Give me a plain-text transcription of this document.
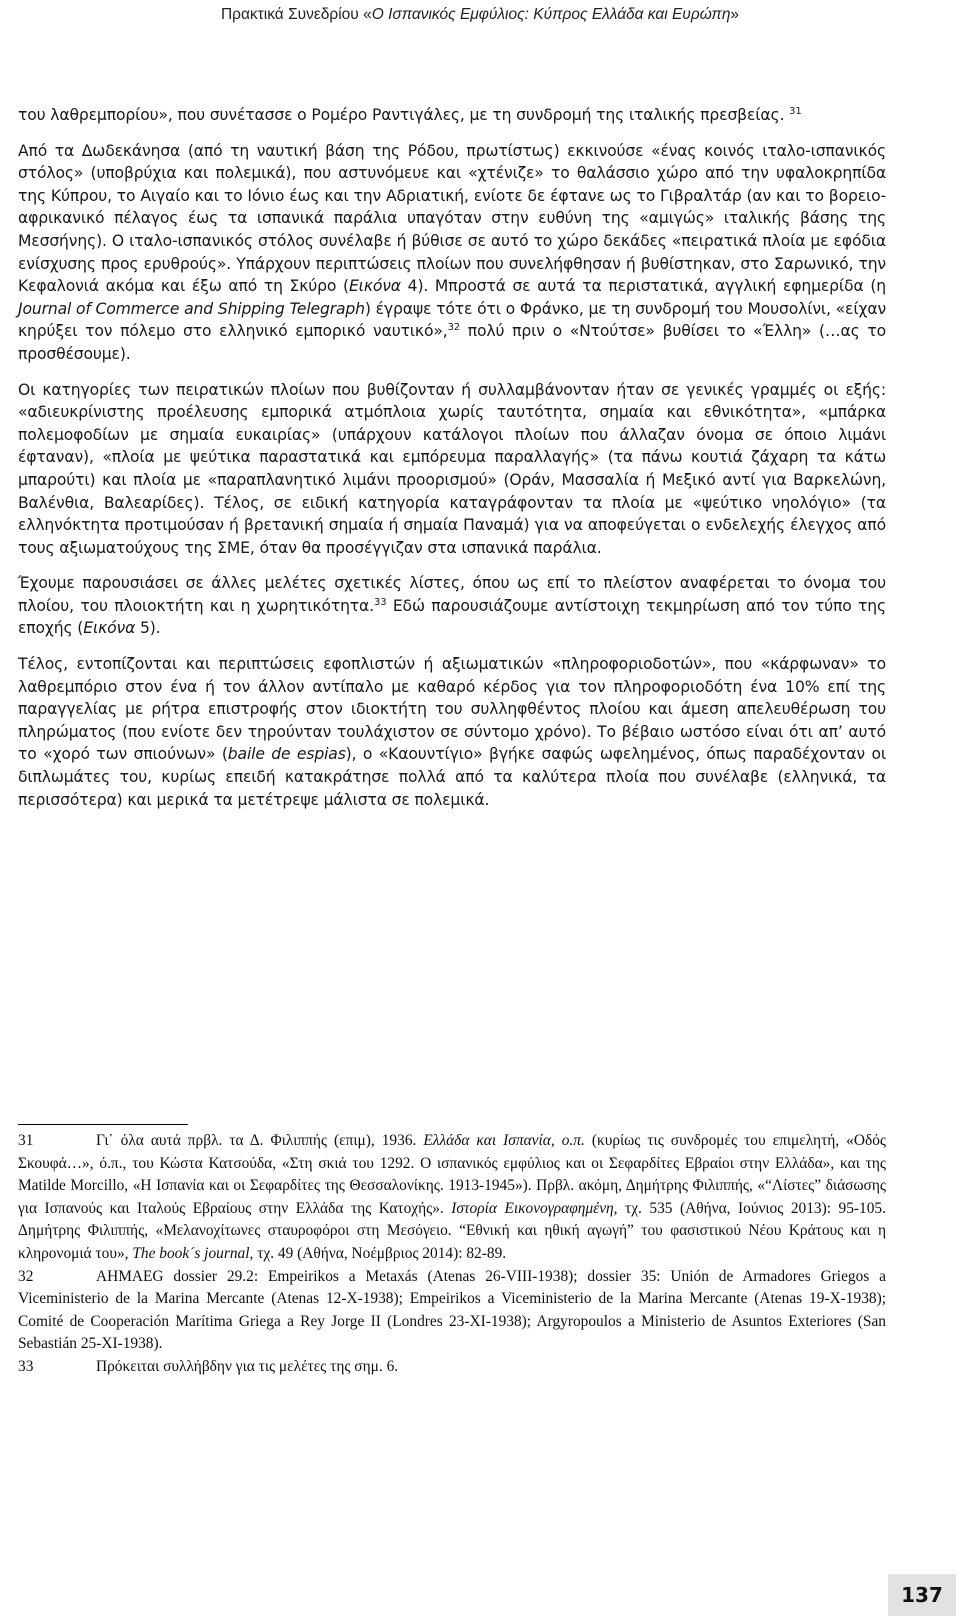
Πρακτικά Συνεδρίου «Ο Ισπανικός Εμφύλιος: Κύπρος Ελλάδα και Ευρώπη»

του λαθρεμπορίου», που συνέτασσε ο Ρομέρο Ραντιγάλες, με τη συνδρομή της ιταλικής πρεσβείας. $^{31}$

Από τα Δωδεκάνησα (από τη ναυτική βάση της Ρόδου, πρωτίστως) εκκινούσε «ένας κοινός ιταλο-ισπανικός στόλος» (υποβρύχια και πολεμικά), που αστυνόμευε και «χτένιζε» το θαλάσσιο χώρο από την υφαλοκρηπίδα της Κύπρου, το Αιγαίο και το Ιόνιο έως και την Αδριατική, ενίοτε δε έφτανε ως το Γιβραλτάρ (αν και το βορειο-αφρικανικό πέλαγος έως τα ισπανικά παράλια υπαγόταν στην ευθύνη της «αμιγώς» ιταλικής βάσης της Μεσσήνης). Ο ιταλο-ισπανικός στόλος συνέλαβε ή βύθισε σε αυτό το χώρο δεκάδες «πειρατικά πλοία με εφόδια ενίσχυσης προς ερυθρούς». Υπάρχουν περιπτώσεις πλοίων που συνελήφθησαν ή βυθίστηκαν, στο Σαρωνικό, την Κεφαλονιά ακόμα και έξω από τη Σκύρο (Εικόνα 4). Μπροστά σε αυτά τα περιστατικά, αγγλική εφημερίδα (η Journal of Commerce and Shipping Telegraph) έγραψε τότε ότι ο Φράνκο, με τη συνδρομή του Μουσολίνι, «είχαν κηρύξει τον πόλεμο στο ελληνικό εμπορικό ναυτικό»,$^{32}$ πολύ πριν ο «Ντούτσε» βυθίσει το «Έλλη» (…ας το προσθέσουμε).

Οι κατηγορίες των πειρατικών πλοίων που βυθίζονταν ή συλλαμβάνονταν ήταν σε γενικές γραμμές οι εξής: «αδιευκρίνιστης προέλευσης εμπορικά ατμόπλοια χωρίς ταυτότητα, σημαία και εθνικότητα», «μπάρκα πολεμοφοδίων με σημαία ευκαιρίας» (υπάρχουν κατάλογοι πλοίων που άλλαζαν όνομα σε όποιο λιμάνι έφταναν), «πλοία με ψεύτικα παραστατικά και εμπόρευμα παραλλαγής» (τα πάνω κουτιά ζάχαρη τα κάτω μπαρούτι) και πλοία με «παραπλανητικό λιμάνι προορισμού» (Οράν, Μασσαλία ή Μεξικό αντί για Βαρκελώνη, Βαλένθια, Βαλεαρίδες). Τέλος, σε ειδική κατηγορία καταγράφονταν τα πλοία με «ψεύτικο νηολόγιο» (τα ελληνόκτητα προτιμούσαν ή βρετανική σημαία ή σημαία Παναμά) για να αποφεύγεται ο ενδελεχής έλεγχος από τους αξιωματούχους της ΣΜΕ, όταν θα προσέγγιζαν στα ισπανικά παράλια.

Έχουμε παρουσιάσει σε άλλες μελέτες σχετικές λίστες, όπου ως επί το πλείστον αναφέρεται το όνομα του πλοίου, του πλοιοκτήτη και η χωρητικότητα.$^{33}$ Εδώ παρουσιάζουμε αντίστοιχη τεκμηρίωση από τον τύπο της εποχής (Εικόνα 5).

Τέλος, εντοπίζονται και περιπτώσεις εφοπλιστών ή αξιωματικών «πληροφοριοδοτών», που «κάρφωναν» το λαθρεμπόριο στον ένα ή τον άλλον αντίπαλο με καθαρό κέρδος για τον πληροφοριοδότη ένα 10% επί της παραγγελίας με ρήτρα επιστροφής στον ιδιοκτήτη του συλληφθέντος πλοίου και άμεση απελευθέρωση του πληρώματος (που ενίοτε δεν τηρούνταν τουλάχιστον σε σύντομο χρόνο). Το βέβαιο ωστόσο είναι ότι απ’ αυτό το «χορό των σπιούνων» (baile de espias), ο «Καουντίγιο» βγήκε σαφώς ωφελημένος, όπως παραδέχονταν οι διπλωμάτες του, κυρίως επειδή κατακράτησε πολλά από τα καλύτερα πλοία που συνέλαβε (ελληνικά, τα περισσότερα) και μερικά τα μετέτρεψε μάλιστα σε πολεμικά.

31	Γι΄ όλα αυτά πρβλ. τα Δ. Φιλιππής (επιμ), 1936. Ελλάδα και Ισπανία, ο.π. (κυρίως τις συνδρομές του επιμελητή, «Οδός Σκουφά…», ό.π., του Κώστα Κατσούδα, «Στη σκιά του 1292. Ο ισπανικός εμφύλιος και οι Σεφαρδίτες Εβραίοι στην Ελλάδα», και της Matilde Morcillo, «Η Ισπανία και οι Σεφαρδίτες της Θεσσαλονίκης. 1913-1945»). Πρβλ. ακόμη, Δημήτρης Φιλιππής, «“Λίστες” διάσωσης για Ισπανούς και Ιταλούς Εβραίους στην Ελλάδα της Κατοχής». Ιστορία Εικονογραφημένη, τχ. 535 (Αθήνα, Ιούνιος 2013): 95-105. Δημήτρης Φιλιππής, «Μελανοχίτωνες σταυροφόροι στη Μεσόγειο. “Εθνική και ηθική αγωγή” του φασιστικού Νέου Κράτους και η κληρονομιά του», The book´s journal, τχ. 49 (Αθήνα, Νοέμβριος 2014): 82-89.

32	AHMAEG dossier 29.2: Empeirikos a Metaxás (Atenas 26-VIII-1938); dossier 35: Unión de Armadores Griegos a Viceministerio de la Marina Mercante (Atenas 12-X-1938); Empeirikos a Viceministerio de la Marina Mercante (Atenas 19-X-1938); Comité de Cooperación Marítima Griega a Rey Jorge II (Londres 23-XI-1938); Argyropoulos a Ministerio de Asuntos Exteriores (San Sebastián 25-XI-1938).

33	Πρόκειται συλλήβδην για τις μελέτες της σημ. 6.

137
